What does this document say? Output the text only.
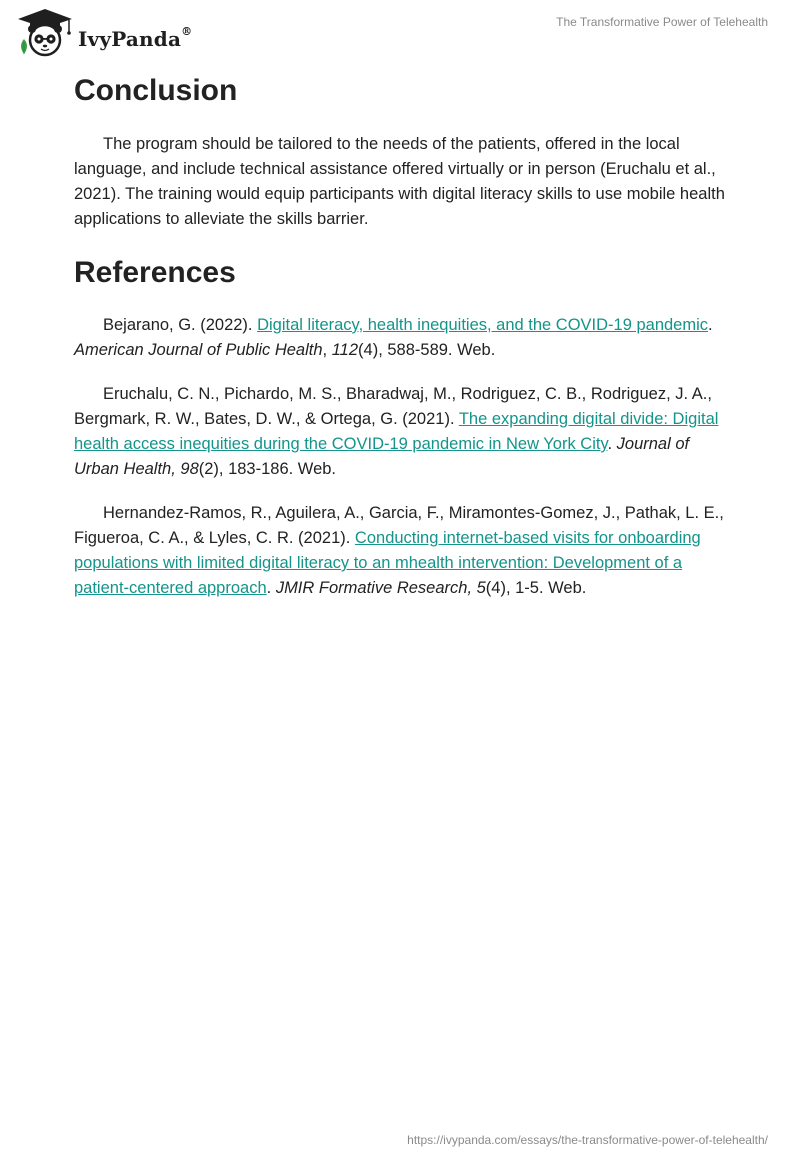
IvyPanda®
The Transformative Power of Telehealth
Conclusion

The program should be tailored to the needs of the patients, offered in the local language, and include technical assistance offered virtually or in person (Eruchalu et al., 2021). The training would equip participants with digital literacy skills to use mobile health applications to alleviate the skills barrier.

References

Bejarano, G. (2022). Digital literacy, health inequities, and the COVID-19 pandemic. American Journal of Public Health, 112(4), 588-589. Web.

Eruchalu, C. N., Pichardo, M. S., Bharadwaj, M., Rodriguez, C. B., Rodriguez, J. A., Bergmark, R. W., Bates, D. W., & Ortega, G. (2021). The expanding digital divide: Digital health access inequities during the COVID-19 pandemic in New York City. Journal of Urban Health, 98(2), 183-186. Web.

Hernandez-Ramos, R., Aguilera, A., Garcia, F., Miramontes-Gomez, J., Pathak, L. E., Figueroa, C. A., & Lyles, C. R. (2021). Conducting internet-based visits for onboarding populations with limited digital literacy to an mhealth intervention: Development of a patient-centered approach. JMIR Formative Research, 5(4), 1-5. Web.

https://ivypanda.com/essays/the-transformative-power-of-telehealth/
